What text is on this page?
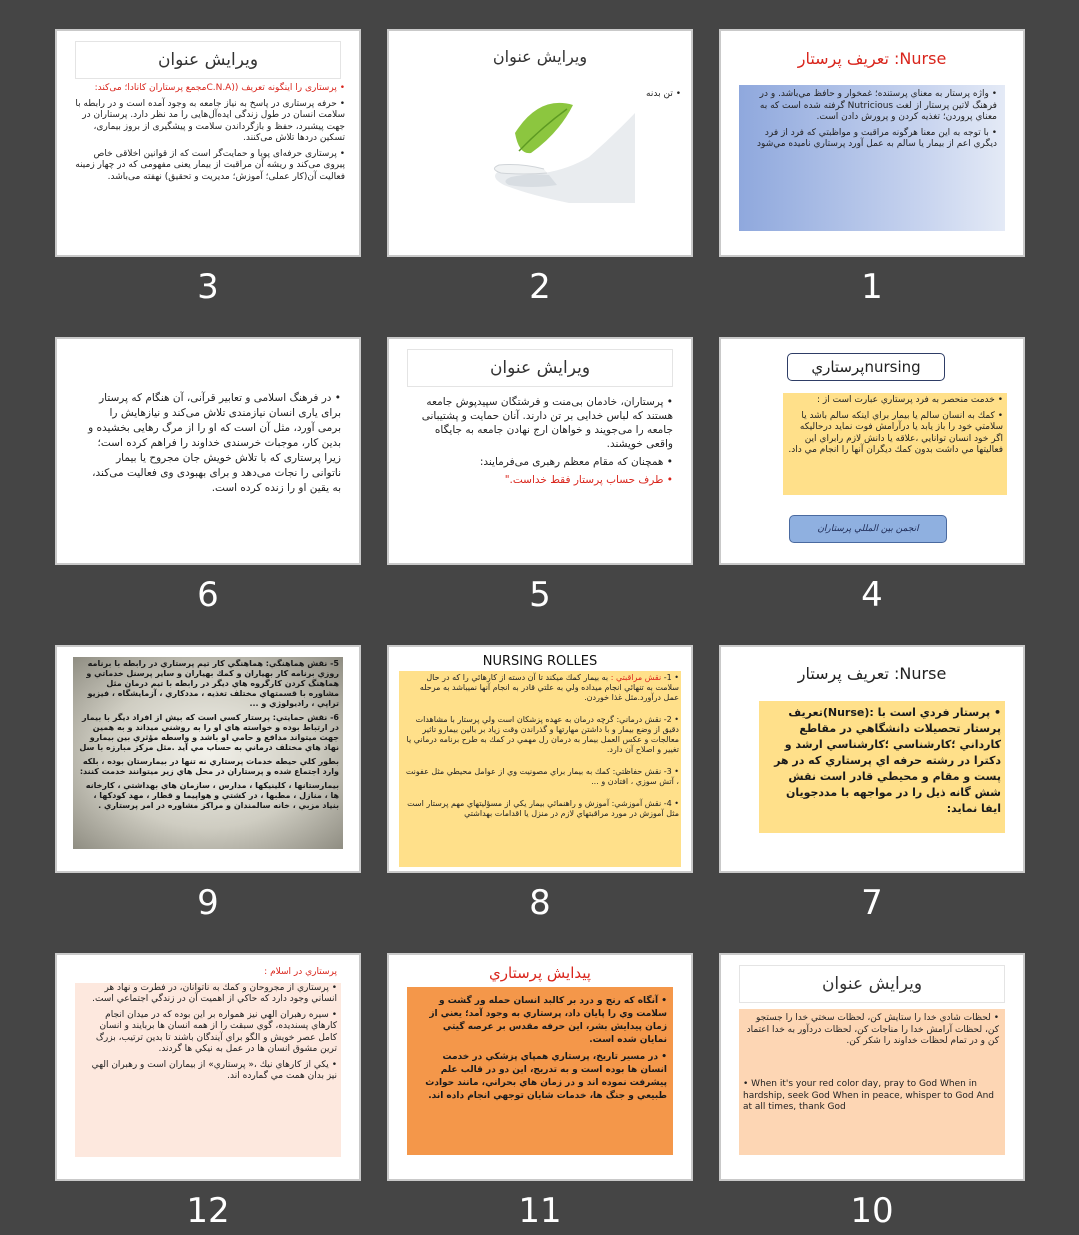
ویرایش عنوان

• پرستاری را اینگونه تعریف ((C.N.Aمجمع پرستاران کانادا؛ می‌کند:

• حرفه پرستاری در پاسخ به نیاز جامعه به وجود آمده است و در رابطه با سلامت انسان در طول زندگی ایده‌آل‌هایی را مد نظر دارد. پرستاران در جهت پیشبرد، حفظ و بازگرداندن سلامت و پیشگیری از بروز بیماری، تسکین دردها تلاش می‌کنند.

• پرستاری حرفه‌ای پویا و حمایت‌گر است که از قوانین اخلاقی خاص پیروی می‌کند و ریشه آن مراقبت از بیمار یعنی مفهومی که در چهار زمینه فعالیت آن(کار عملی؛ آموزش؛ مدیریت و تحقیق) نهفته می‌باشد.

3
ویرایش عنوان

• تن بدنه

2
تعريف پرستار :Nurse

• واژه پرستار به معناي پرستنده؛ غمخوار و حافظ مي‌باشد. و در فرهنگ لاتين پرستار از لغت Nutricious گرفته شده است كه به معناي پروردن؛ تغذيه كردن و پرورش دادن است.

• با توجه به اين معنا هرگونه مراقبت و مواظبتي كه فرد از فرد ديگري اعم از بيمار يا سالم به عمل آورد پرستاري ناميده مي‌شود

1

• در فرهنگ اسلامی و تعابیر قرآنی، آن هنگام که پرستار برای یاری انسان نیازمندی تلاش می‌کند و نیازهایش را برمی آورد، مثل آن است که او را از مرگ رهایی بخشیده و بدین کار، موجبات خرسندی خداوند را فراهم کرده است؛ زیرا پرستاری که با تلاش خویش جان مجروح یا بیمار ناتوانی را نجات می‌دهد و برای بهبودی وی فعالیت می‌کند، به یقین او را زنده کرده است.

6
ویرایش عنوان

• پرستاران، خادمان بی‌منت و فرشتگان سپیدپوش جامعه هستند که لباس خدایی بر تن دارند. آنان حمایت و پشتیبانی جامعه را می‌جویند و خواهان ارج نهادن جامعه به جایگاه واقعی خویشند.

• همچنان که مقام معظم رهبری می‌فرمایند:

• طرف حساب پرستار فقط خداست."

5
پرستاريnursing

• خدمت منحصر به فرد پرستاري عبارت است از :

• كمك به انسان سالم يا بيمار براي اينكه سالم باشد يا سلامتي خود را باز يابد يا درآرامش فوت نمايد درحاليكه اگر خود انسان توانايي ،علاقه يا دانش لازم رابراي اين فعاليتها مي داشت بدون كمك ديگران آنها را انجام مي داد.

انجمن بين المللي پرستاران
4

5- نقش هماهنگي: هماهنگي كار تيم پرستاري در رابطه با برنامه روزي برنامه كار بهياران و كمك بهياران و ساير پرسنل خدماتي و هماهنگ كردن كارگروه هاي ديگر در رابطه با تيم درمان مثل مشاوره با قسمتهاي مختلف تغذيه ، مددكاري ، آزمايشگاه ، فيزيو تراپي ، راديولوژي و ...

6- نقش حمايتي: پرستار كسي است كه بيش از افراد ديگر با بيمار در ارتباط بوده و خواسته هاي او را به روشني ميداند و به همين جهت ميتواند مدافع و حامي او باشد و واسطه مؤثري بين بيمارو نهاد هاي مختلف درماني به حساب مي آيد .مثل مركز مبارزه با سل

بطور كلي حيطه خدمات پرستاري نه تنها در بيمارستان بوده ، بلكه وارد اجتماع شده و پرستاران در محل هاي زير ميتوانند خدمت كنند:

بيمارستانها ، كلينيكها ، مدارس ، سازمان هاي بهداشتي ، كارخانه ها ، منازل ، مطبها ، در كشتي و هواپيما و قطار ، مهد كودكها ، بنياد مزبي ، خانه سالمندان و مراكز مشاوره در امر پرستاري .

9
NURSING ROLLES

• 1- نقش مراقبتي : به بيمار كمك ميكند تا آن دسته از كارهائي را كه در حال سلامت به تنهائي انجام ميداده ولي به علتي قادر به انجام آنها نميباشد به مرحله عمل درآورد.مثل غذا خوردن.

• 2- نقش درماني: گرچه درمان به عهده پزشكان است ولي پرستار با مشاهدات دقيق از وضع بيمار و با داشتن مهارتها و گذراندن وقت زياد بر بالين بيمارو تاثير معالجات و عكس العمل بيمار به درمان رل مهمي در كمك به طرح برنامه درماني يا تغيير و اصلاح آن دارد.

• 3- نقش حفاظتي: كمك به بيمار براي مصونيت وي از عوامل محيطي مثل عفونت ، آتش سوزي ، افتادن و ...

• 4- نقش آموزشي: آموزش و راهنمائي بيمار يكي از مسؤليتهاي مهم پرستار است مثل آموزش در مورد مراقبتهاي لازم در منزل يا اقدامات بهداشتي

8
تعريف پرستار :Nurse

• پرستار فردي است با :(Nurse)تعريف پرستار تحصيلات دانشگاهي در مقاطع كارداني ؛كارشناسي ؛كارشناسي ارشد و دكترا در رشته حرفه اي پرستاري كه در هر پست و مقام و محيطي قادر است نقش شش گانه ذيل را در مواجهه با مددجويان ايفا نمايد:

7

پرستاري در اسلام :

• پرستاري از مجروحان و كمك به ناتوانان، در فطرت و نهاد هر انساني وجود دارد كه حاكي از اهميت آن در زندگي اجتماعي است.

• سيره رهبران الهي نيز همواره بر اين بوده كه در ميدان انجام كارهاي پسنديده، گوي سبقت را از همه انسان ها بربايند و انسان كامل عصر خويش و الگو براي آيندگان باشند تا بدين ترتيب، بزرگ ترين مشوق انسان ها در عمل به نيكي ها گردند.

• يكي از كارهاي نيك ،« پرستاري» از بيماران است و رهبران الهي نيز بدان همت مي گمارده اند.

12
پيدايش پرستاري

• آنگاه كه رنج و درد بر كالبد انسان حمله ور گشت و سلامت وي را پايان داد، پرستاري به وجود آمد؛ يعني از زمان پيدايش بشر، اين حرفه مقدس بر عرصه گيتي نمايان شده است.

• در مسير تاريخ، پرستاري همپاي پزشكي در خدمت انسان ها بوده است و به تدريج، اين دو در قالب علم پيشرفت نموده اند و در زمان هاي بحراني، مانند حوادث طبيعي و جنگ ها، خدمات شايان توجهي انجام داده اند.

11
ویرایش عنوان

• لحظات شادي خدا را ستايش كن، لحظات سختي خدا را جستجو كن، لحظات آرامش خدا را مناجات كن، لحظات دردآور به خدا اعتماد كن و در تمام لحظات خداوند را شكر كن.

• When it's your red color day, pray to God When in hardship, seek God When in peace, whisper to God And at all times, thank God

10
